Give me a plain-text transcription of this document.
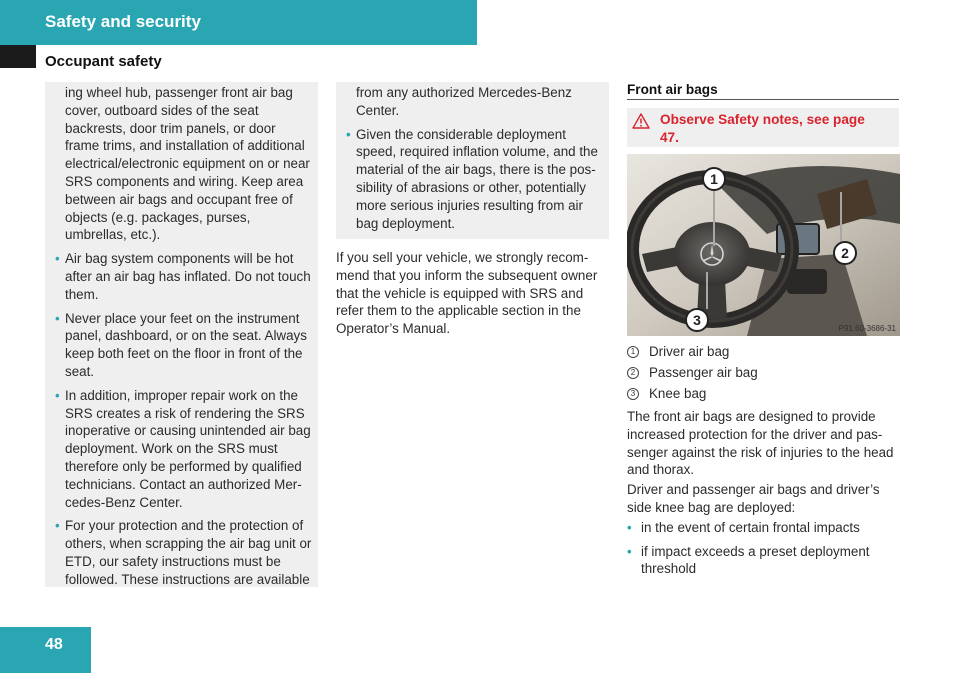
Safety and security
Occupant safety

ing wheel hub, passenger front air bag cover, outboard sides of the seat backrests, door trim panels, or door frame trims, and installation of additional electrical/electronic equipment on or near SRS components and wiring. Keep area between air bags and occupant free of objects (e.g. packages, purses, umbrellas, etc.).

• Air bag system components will be hot after an air bag has inflated. Do not touch them.
• Never place your feet on the instrument panel, dashboard, or on the seat. Always keep both feet on the floor in front of the seat.
• In addition, improper repair work on the SRS creates a risk of rendering the SRS inoperative or causing unintended air bag deployment. Work on the SRS must therefore only be performed by qualified technicians. Contact an authorized Mer-cedes-Benz Center.
• For your protection and the protection of others, when scrapping the air bag unit or ETD, our safety instructions must be followed. These instructions are available

from any authorized Mercedes-Benz Center.

• Given the considerable deployment speed, required inflation volume, and the material of the air bags, there is the pos-sibility of abrasions or other, potentially more serious injuries resulting from air bag deployment.

If you sell your vehicle, we strongly recom-mend that you inform the subsequent owner that the vehicle is equipped with SRS and refer them to the applicable section in the Operator’s Manual.

Front air bags
Observe Safety notes, see page 47.
1
2
3
P91.60-3686-31
1 Driver air bag
2 Passenger air bag
3 Knee bag

The front air bags are designed to provide increased protection for the driver and pas-senger against the risk of injuries to the head and thorax.

Driver and passenger air bags and driver’s side knee bag are deployed:

• in the event of certain frontal impacts
• if impact exceeds a preset deployment threshold
48
